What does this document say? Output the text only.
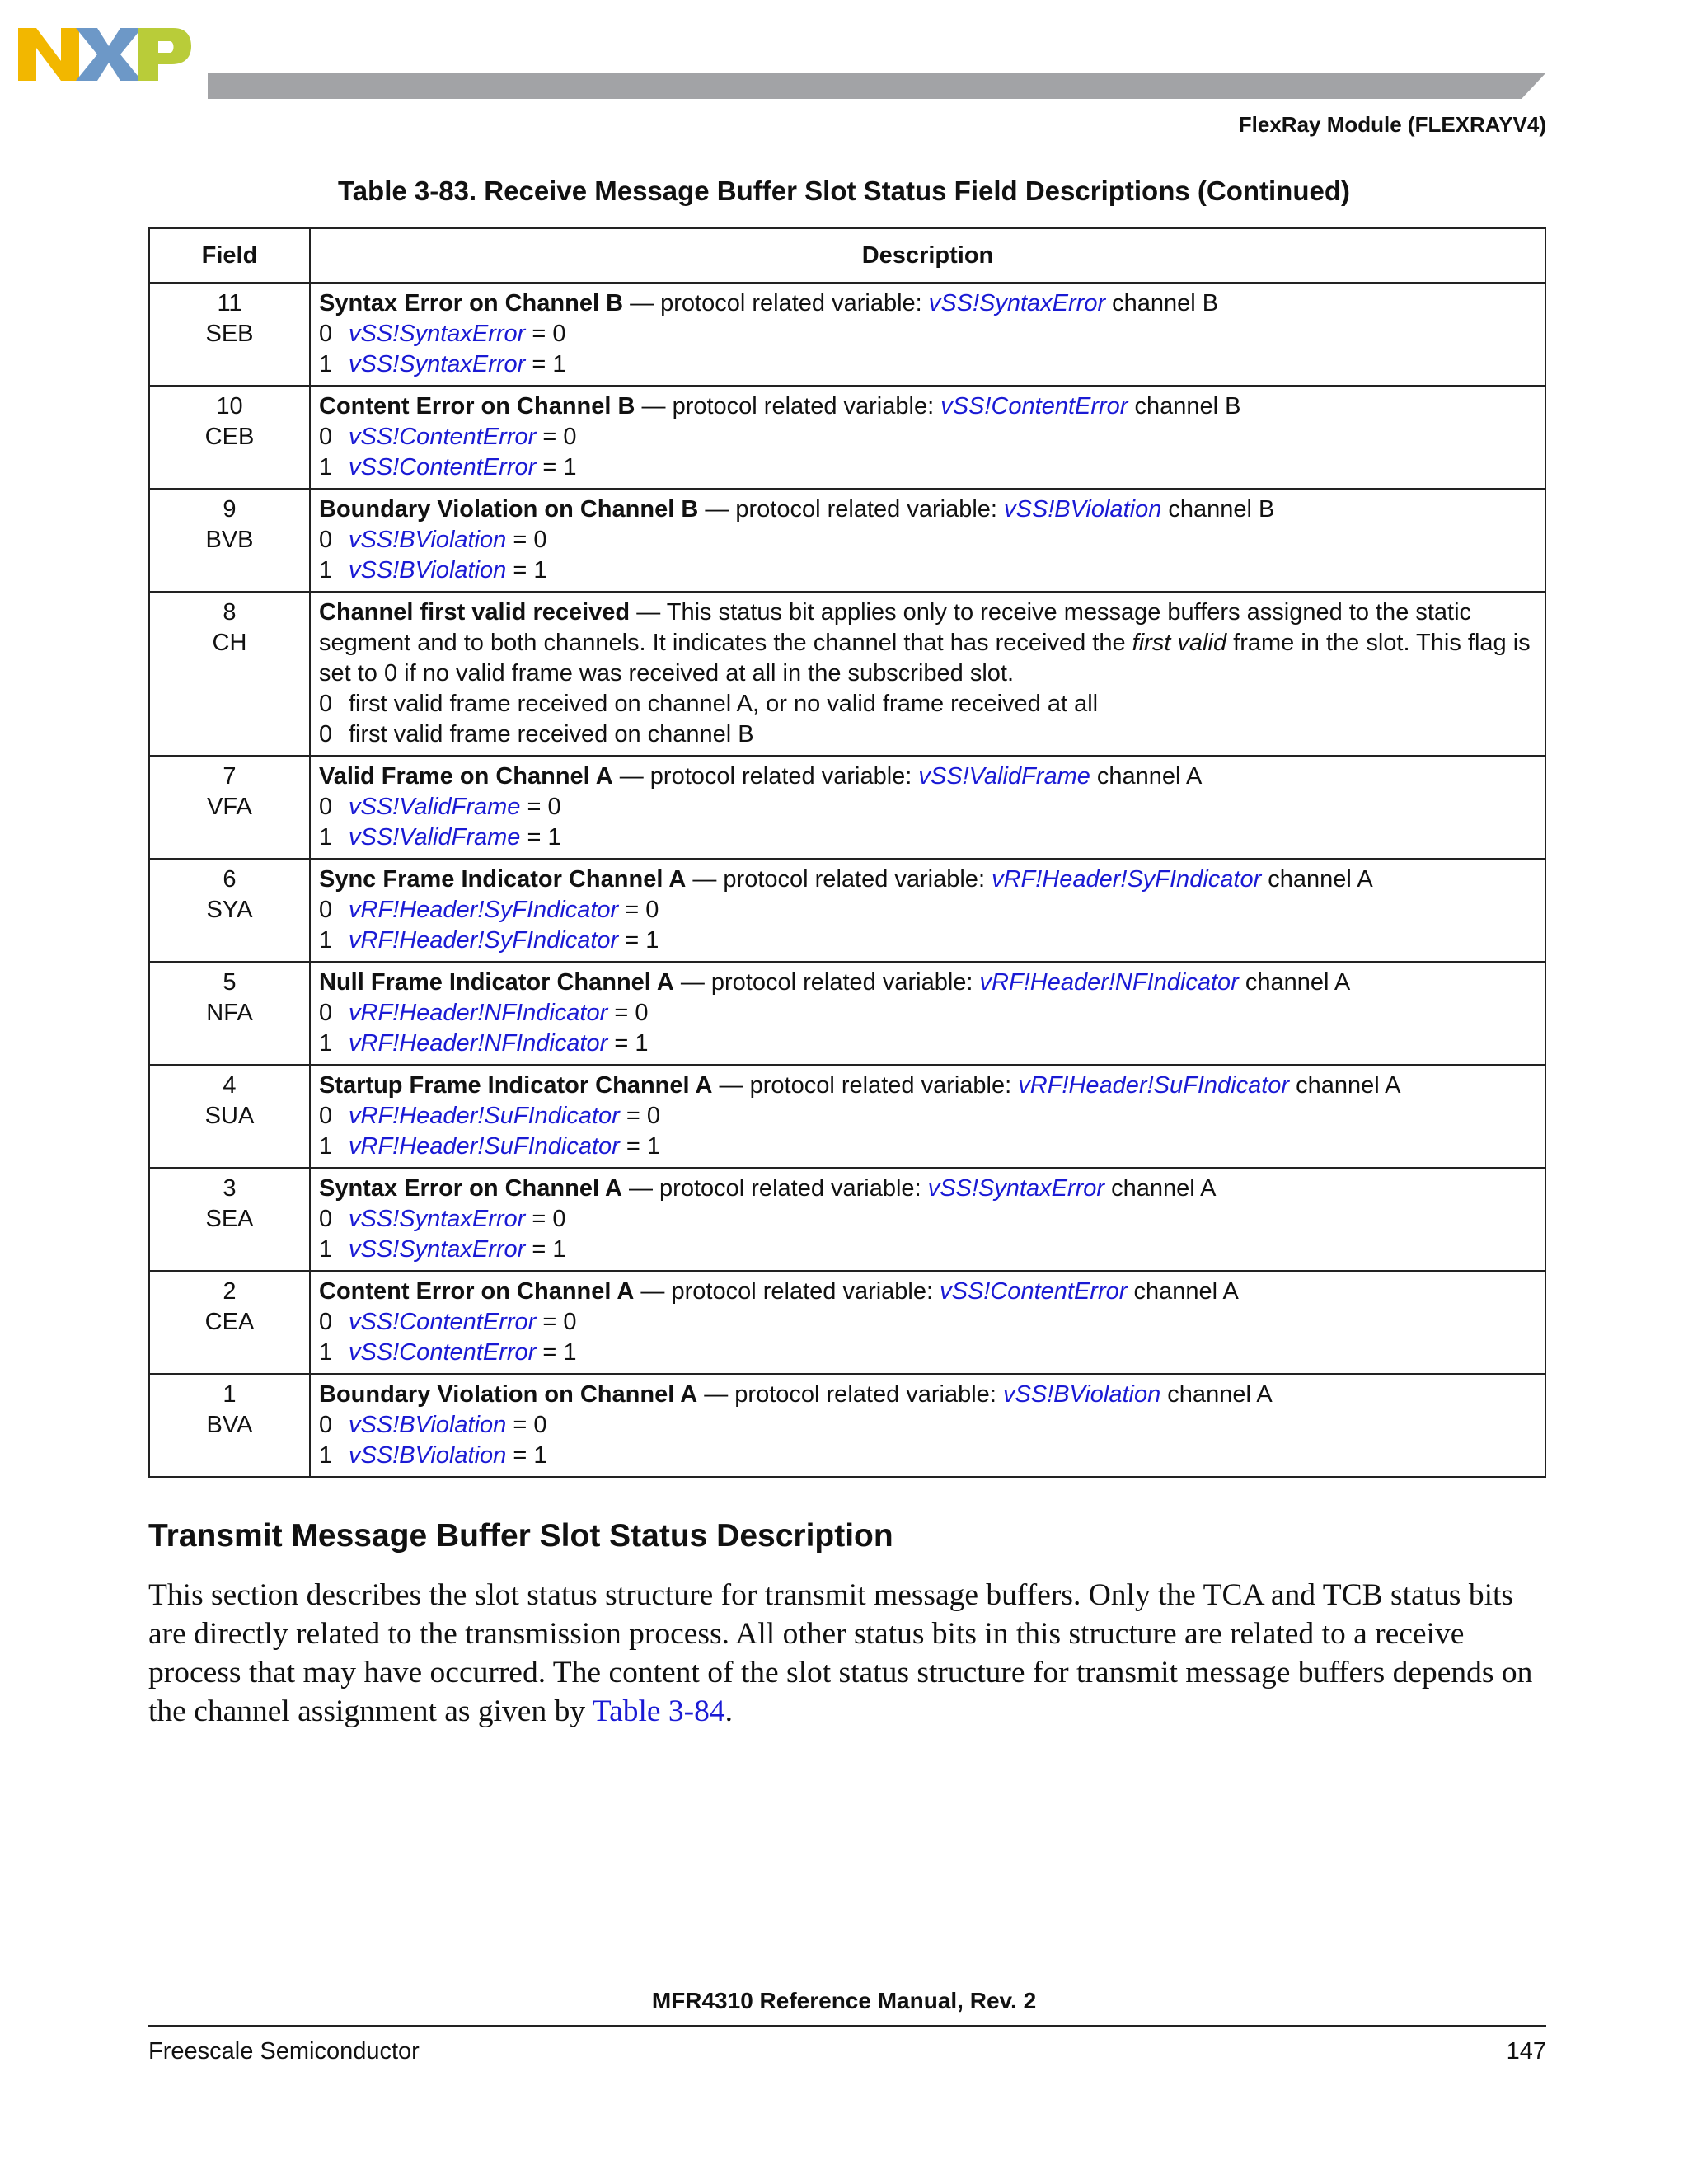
FlexRay Module (FLEXRAYV4)
Table 3-83. Receive Message Buffer Slot Status Field Descriptions (Continued)
Field	Description

11
SEB	Syntax Error on Channel B — protocol related variable: vSS!SyntaxError channel B
0 vSS!SyntaxError = 0
1 vSS!SyntaxError = 1

10
CEB	Content Error on Channel B — protocol related variable: vSS!ContentError channel B
0 vSS!ContentError = 0
1 vSS!ContentError = 1

9
BVB	Boundary Violation on Channel B — protocol related variable: vSS!BViolation channel B
0 vSS!BViolation = 0
1 vSS!BViolation = 1

8
CH	Channel first valid received — This status bit applies only to receive message buffers assigned to the static segment and to both channels. It indicates the channel that has received the first valid frame in the slot. This flag is set to 0 if no valid frame was received at all in the subscribed slot.
0 first valid frame received on channel A, or no valid frame received at all
0 first valid frame received on channel B

7
VFA	Valid Frame on Channel A — protocol related variable: vSS!ValidFrame channel A
0 vSS!ValidFrame = 0
1 vSS!ValidFrame = 1

6
SYA	Sync Frame Indicator Channel A — protocol related variable: vRF!Header!SyFIndicator channel A
0 vRF!Header!SyFIndicator = 0
1 vRF!Header!SyFIndicator = 1

5
NFA	Null Frame Indicator Channel A — protocol related variable: vRF!Header!NFIndicator channel A
0 vRF!Header!NFIndicator = 0
1 vRF!Header!NFIndicator = 1

4
SUA	Startup Frame Indicator Channel A — protocol related variable: vRF!Header!SuFIndicator channel A
0 vRF!Header!SuFIndicator = 0
1 vRF!Header!SuFIndicator = 1

3
SEA	Syntax Error on Channel A — protocol related variable: vSS!SyntaxError channel A
0 vSS!SyntaxError = 0
1 vSS!SyntaxError = 1

2
CEA	Content Error on Channel A — protocol related variable: vSS!ContentError channel A
0 vSS!ContentError = 0
1 vSS!ContentError = 1

1
BVA	Boundary Violation on Channel A — protocol related variable: vSS!BViolation channel A
0 vSS!BViolation = 0
1 vSS!BViolation = 1
Transmit Message Buffer Slot Status Description

This section describes the slot status structure for transmit message buffers. Only the TCA and TCB status bits are directly related to the transmission process. All other status bits in this structure are related to a receive process that may have occurred. The content of the slot status structure for transmit message buffers depends on the channel assignment as given by Table 3-84.

MFR4310 Reference Manual, Rev. 2
Freescale Semiconductor	147
